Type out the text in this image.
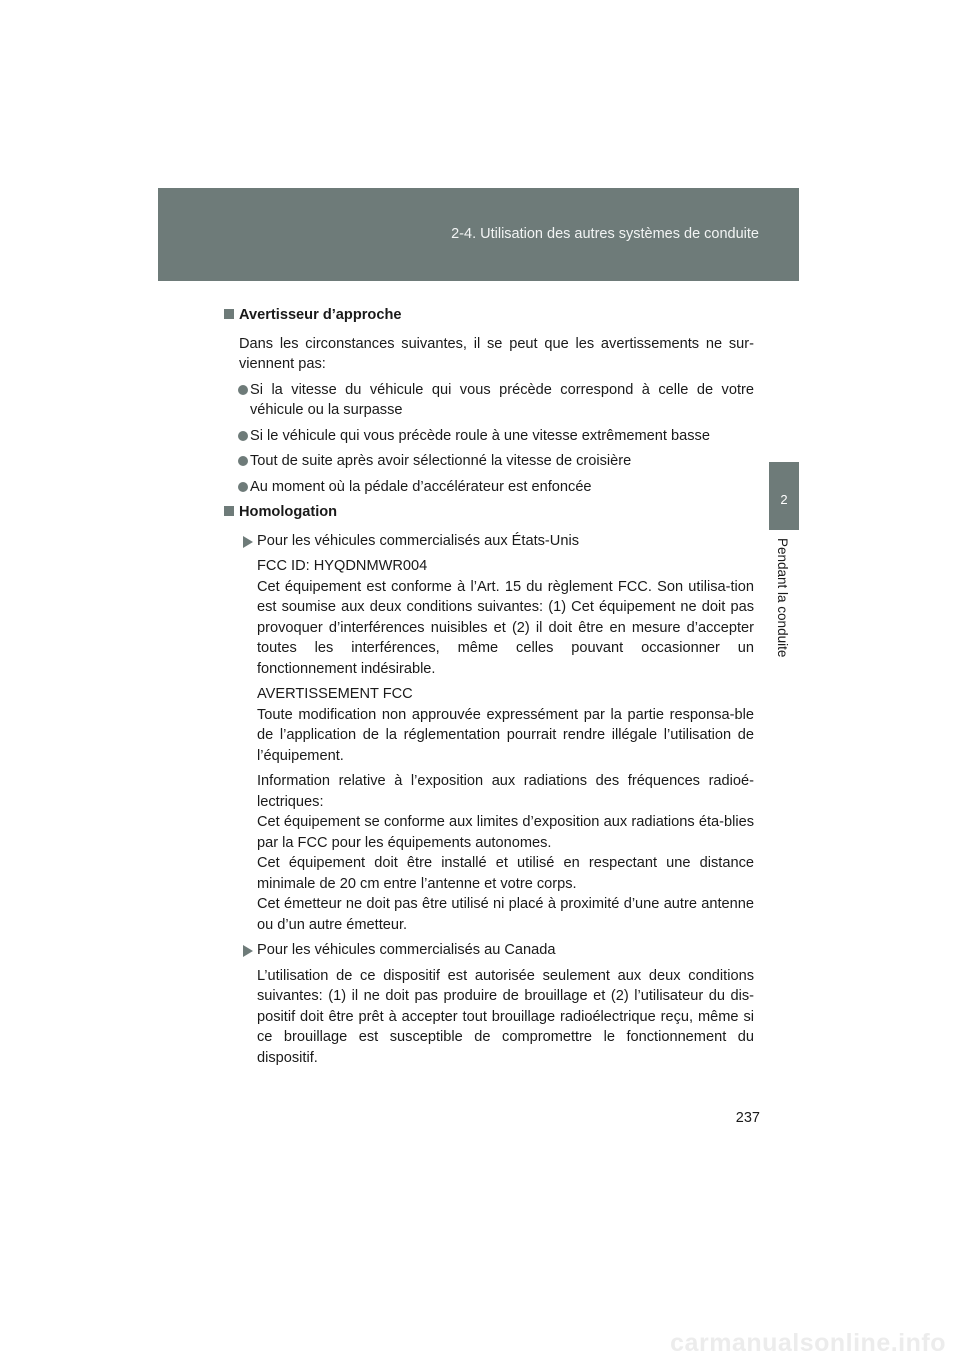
2-4. Utilisation des autres systèmes de conduite
2
Pendant la conduite
Avertisseur d’approche

Dans les circonstances suivantes, il se peut que les avertissements ne sur-viennent pas:

Si la vitesse du véhicule qui vous précède correspond à celle de votre véhicule ou la surpasse
Si le véhicule qui vous précède roule à une vitesse extrêmement basse
Tout de suite après avoir sélectionné la vitesse de croisière
Au moment où la pédale d’accélérateur est enfoncée
Homologation
Pour les véhicules commercialisés aux États-Unis
FCC ID: HYQDNMWR004
Cet équipement est conforme à l’Art. 15 du règlement FCC. Son utilisa-tion est soumise aux deux conditions suivantes: (1) Cet équipement ne doit pas provoquer d’interférences nuisibles et (2) il doit être en mesure d’accepter toutes les interférences, même celles pouvant occasionner un fonctionnement indésirable.
AVERTISSEMENT FCC
Toute modification non approuvée expressément par la partie responsa-ble de l’application de la réglementation pourrait rendre illégale l’utilisation de l’équipement.
Information relative à l’exposition aux radiations des fréquences radioé-lectriques:
Cet équipement se conforme aux limites d’exposition aux radiations éta-blies par la FCC pour les équipements autonomes.
Cet équipement doit être installé et utilisé en respectant une distance minimale de 20 cm entre l’antenne et votre corps.
Cet émetteur ne doit pas être utilisé ni placé à proximité d’une autre antenne ou d’un autre émetteur.
Pour les véhicules commercialisés au Canada
L’utilisation de ce dispositif est autorisée seulement aux deux conditions suivantes: (1) il ne doit pas produire de brouillage et (2) l’utilisateur du dis-positif doit être prêt à accepter tout brouillage radioélectrique reçu, même si ce brouillage est susceptible de compromettre le fonctionnement du dispositif.
237
carmanualsonline.info
